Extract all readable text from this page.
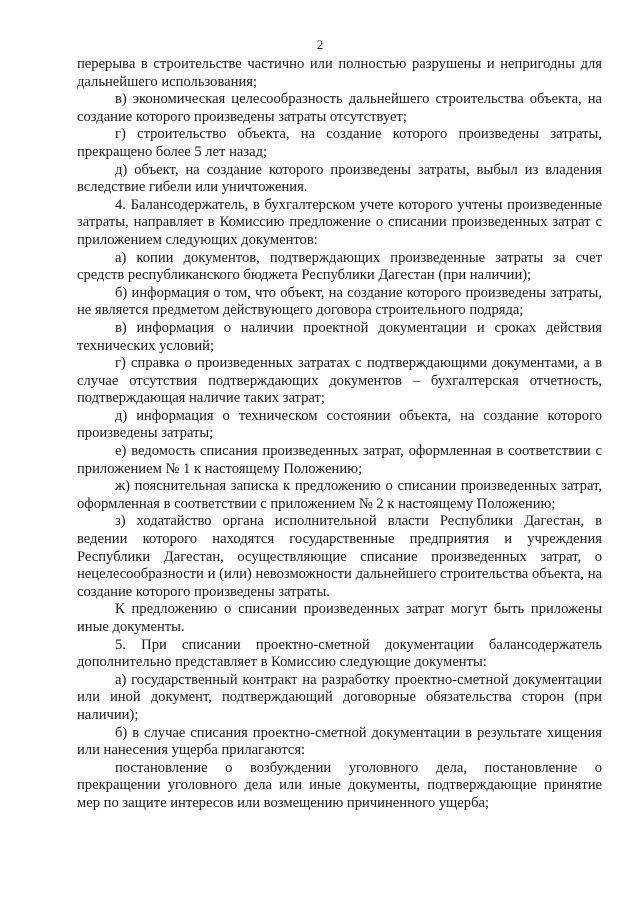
2

перерыва в строительстве частично или полностью разрушены и непригодны для дальнейшего использования;

в) экономическая целесообразность дальнейшего строительства объекта, на создание которого произведены затраты отсутствует;

г) строительство объекта, на создание которого произведены затраты, прекращено более 5 лет назад;

д) объект, на создание которого произведены затраты, выбыл из владения вследствие гибели или уничтожения.

4. Балансодержатель, в бухгалтерском учете которого учтены произведенные затраты, направляет в Комиссию предложение о списании произведенных затрат с приложением следующих документов:

а) копии документов, подтверждающих произведенные затраты за счет средств республиканского бюджета Республики Дагестан (при наличии);

б) информация о том, что объект, на создание которого произведены затраты, не является предметом действующего договора строительного подряда;

в) информация о наличии проектной документации и сроках действия технических условий;

г) справка о произведенных затратах с подтверждающими документами, а в случае отсутствия подтверждающих документов – бухгалтерская отчетность, подтверждающая наличие таких затрат;

д) информация о техническом состоянии объекта, на создание которого произведены затраты;

е) ведомость списания произведенных затрат, оформленная в соответствии с приложением № 1 к настоящему Положению;

ж) пояснительная записка к предложению о списании произведенных затрат, оформленная в соответствии с приложением № 2 к настоящему Положению;

з) ходатайство органа исполнительной власти Республики Дагестан, в ведении которого находятся государственные предприятия и учреждения Республики Дагестан, осуществляющие списание произведенных затрат, о нецелесообразности и (или) невозможности дальнейшего строительства объекта, на создание которого произведены затраты.

К предложению о списании произведенных затрат могут быть приложены иные документы.

5. При списании проектно-сметной документации балансодержатель дополнительно представляет в Комиссию следующие документы:

а) государственный контракт на разработку проектно-сметной документации или иной документ, подтверждающий договорные обязательства сторон (при наличии);

б) в случае списания проектно-сметной документации в результате хищения или нанесения ущерба прилагаются:

постановление о возбуждении уголовного дела, постановление о прекращении уголовного дела или иные документы, подтверждающие принятие мер по защите интересов или возмещению причиненного ущерба;
